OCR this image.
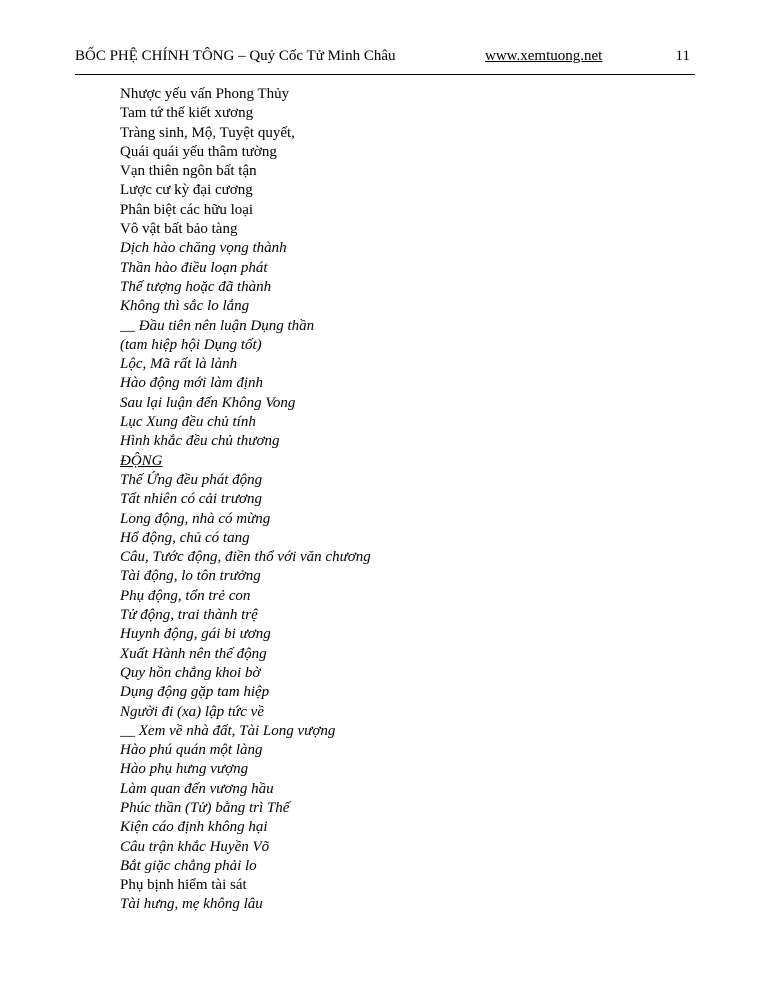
BỐC PHỆ CHÍNH TÔNG – Quỷ Cốc Tử Minh Châu	www.xemtuong.net	11
Nhược yếu vấn Phong Thủy
Tam tứ thế kiết xương
Tràng sinh, Mộ, Tuyệt quyết,
Quái quái yếu thâm tường
Vạn thiên ngôn bất tận
Lược cư kỳ đại cương
Phân biệt các hữu loại
Vô vật bất bảo tàng
Dịch hào chăng vọng thành
Thần hào điều loạn phát
Thế tượng hoặc đã thành
Không thì sắc lo lắng
__ Đầu tiên nên luận Dụng thần
(tam hiệp hội Dụng tốt)
Lộc, Mã rất là lành
Hào động mới làm định
Sau lại luận đến Không Vong
Lục Xung đều chủ tính
Hình khắc đều chủ thương
ĐỘNG
Thế Ứng đều phát động
Tất nhiên có cải trương
Long động, nhà có mừng
Hổ động, chủ có tang
Câu, Tước động, điền thổ với văn chương
Tài động, lo tôn trưởng
Phụ động, tổn trẻ con
Tử động, trai thành trệ
Huynh động, gái bi ương
Xuất Hành nên thế động
Quy hồn chẳng khoi bờ
Dụng động gặp tam hiệp
Người đi (xa) lập tức về
__ Xem về nhà đất, Tài Long vượng
Hào phú quán một làng
Hào phụ hưng vượng
Làm quan đến vương hầu
Phúc thần (Tử) bằng trì Thế
Kiện cáo định không hại
Câu trận khắc Huyền Võ
Bắt giặc chẳng phải lo
Phụ bịnh hiểm tài sát
Tài hưng, mẹ không lâu
